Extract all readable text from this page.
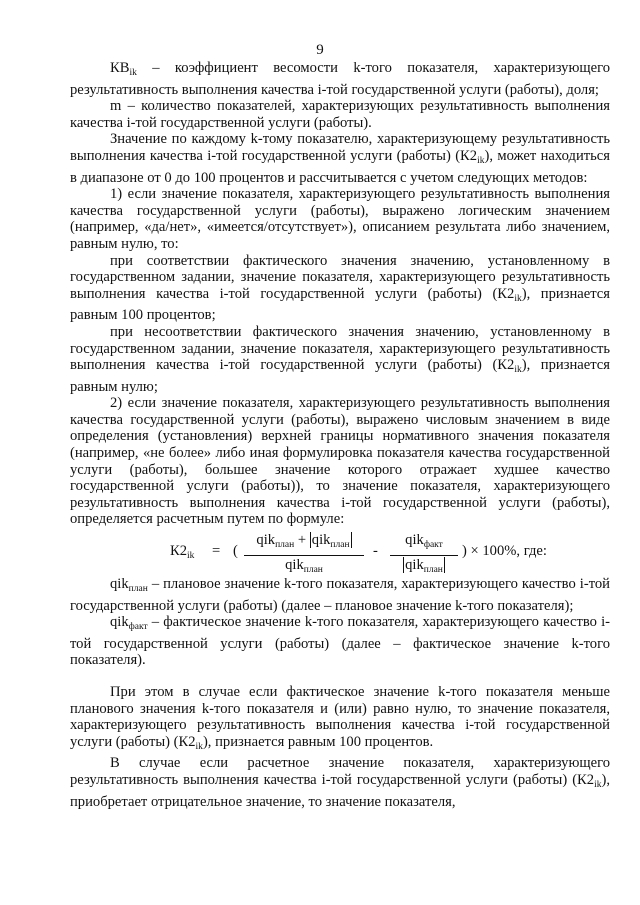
9

$КВ_{ik}$ – коэффициент весомости k-того показателя, характеризующего результативность выполнения качества i-той государственной услуги (работы), доля;

m – количество показателей, характеризующих результативность выполнения качества i-той государственной услуги (работы).

Значение по каждому k-тому показателю, характеризующему результативность выполнения качества i-той государственной услуги (работы) $(К2_{ik})$, может находиться в диапазоне от 0 до 100 процентов и рассчитывается с учетом следующих методов:

1) если значение показателя, характеризующего результативность выполнения качества государственной услуги (работы), выражено логическим значением (например, «да/нет», «имеется/отсутствует»), описанием результата либо значением, равным нулю, то:

при соответствии фактического значения значению, установленному в государственном задании, значение показателя, характеризующего результативность выполнения качества i-той государственной услуги (работы) $(К2_{ik})$, признается равным 100 процентов;

при несоответствии фактического значения значению, установленному в государственном задании, значение показателя, характеризующего результативность выполнения качества i-той государственной услуги (работы) $(К2_{ik})$, признается равным нулю;

2) если значение показателя, характеризующего результативность выполнения качества государственной услуги (работы), выражено числовым значением в виде определения (установления) верхней границы нормативного значения показателя (например, «не более» либо иная формулировка показателя качества государственной услуги (работы), большее значение которого отражает худшее качество государственной услуги (работы)), то значение показателя, характеризующего результативность выполнения качества i-той государственной услуги (работы), определяется расчетным путем по формуле:

$К2_{ik}$ = (
qik$_{план}$ + qik$_{план}$
qik$_{план}$
-
qik$_{факт}$
qik$_{план}$
) × 100%, где:

qik$_{план}$ – плановое значение k-того показателя, характеризующего качество i-той государственной услуги (работы) (далее – плановое значение k-того показателя);

qik$_{факт}$ – фактическое значение k-того показателя, характеризующего качество i-той государственной услуги (работы) (далее – фактическое значение k-того показателя).

При этом в случае если фактическое значение k-того показателя меньше планового значения k-того показателя и (или) равно нулю, то значение показателя, характеризующего результативность выполнения качества i-той государственной услуги (работы) $(К2_{ik})$, признается равным 100 процентов.

В случае если расчетное значение показателя, характеризующего результативность выполнения качества i-той государственной услуги (работы) $(К2_{ik})$, приобретает отрицательное значение, то значение показателя,
